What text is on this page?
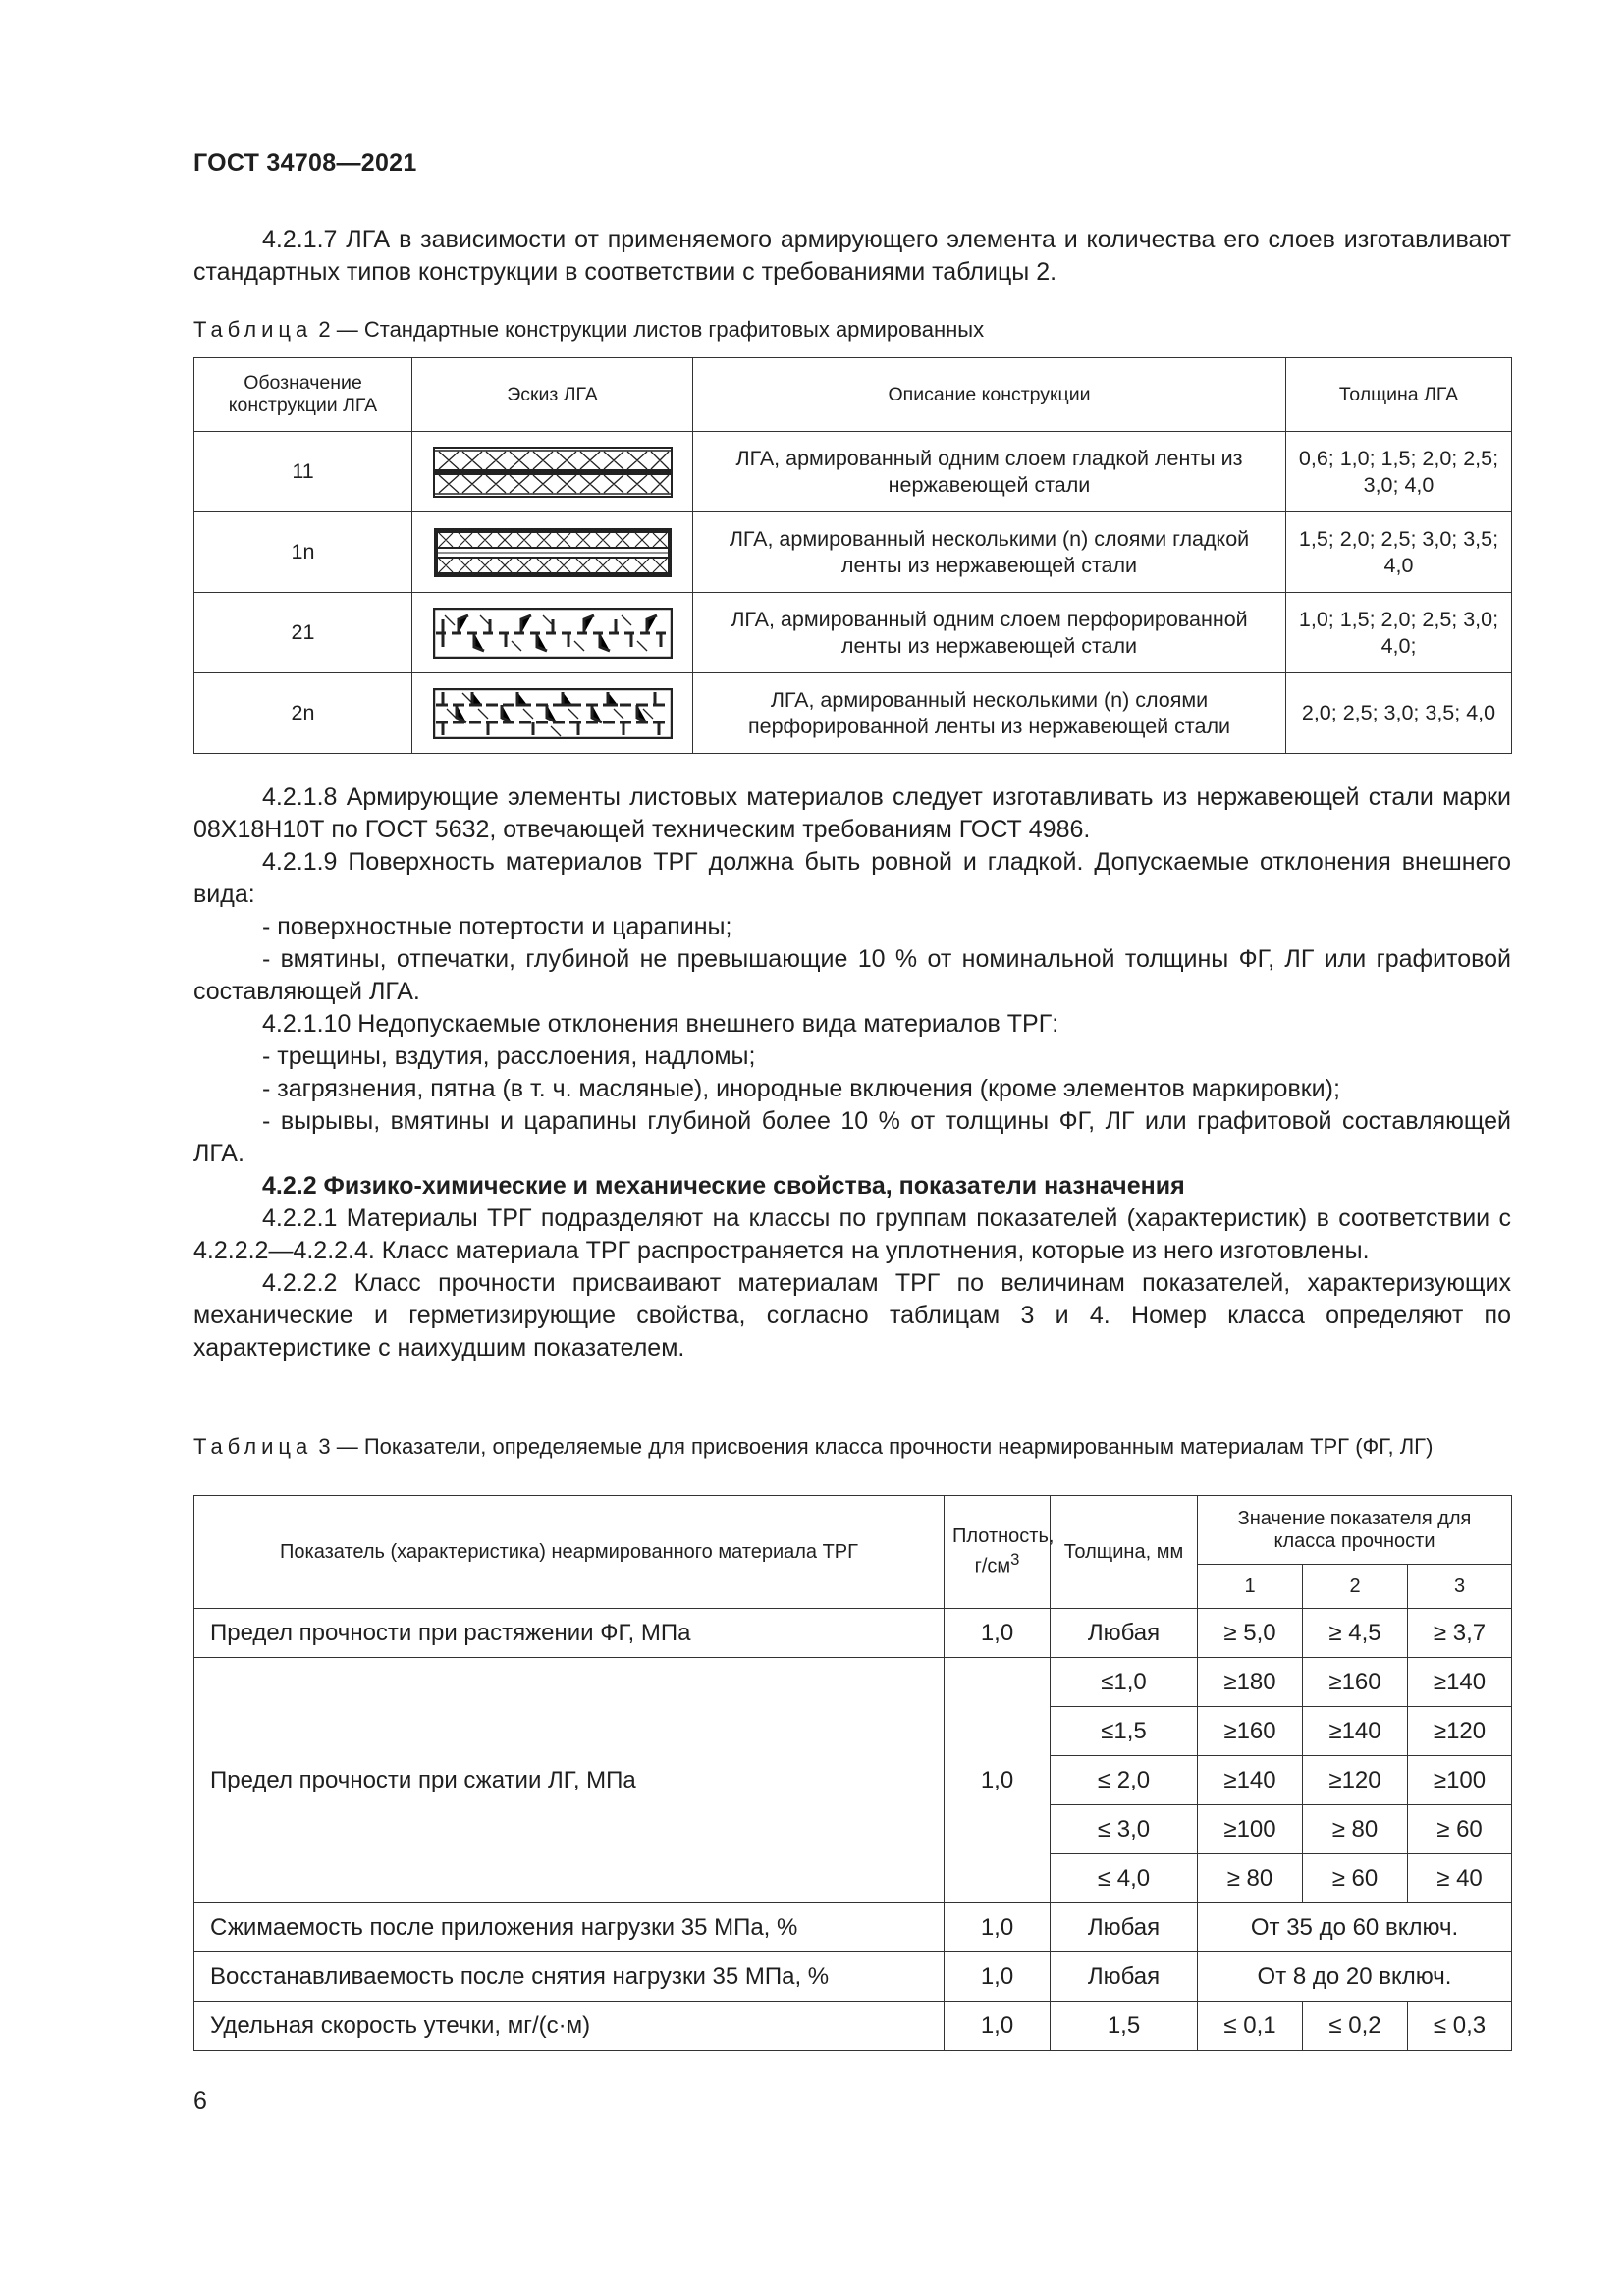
ГОСТ 34708—2021

4.2.1.7 ЛГА в зависимости от применяемого армирующего элемента и количества его слоев изготавливают стандартных типов конструкции в соответствии с требованиями таблицы 2.

Таблица 2 — Стандартные конструкции листов графитовых армированных
Обозначение конструкции ЛГА	Эскиз ЛГА	Описание конструкции	Толщина ЛГА
11		ЛГА, армированный одним слоем гладкой ленты из нержавеющей стали	0,6; 1,0; 1,5; 2,0; 2,5; 3,0; 4,0
1n		ЛГА, армированный несколькими (n) слоями гладкой ленты из нержавеющей стали	1,5; 2,0; 2,5; 3,0; 3,5; 4,0
21		ЛГА, армированный одним слоем перфорированной ленты из нержавеющей стали	1,0; 1,5; 2,0; 2,5; 3,0; 4,0;
2n		ЛГА, армированный несколькими (n) слоями перфорированной ленты из нержавеющей стали	2,0; 2,5; 3,0; 3,5; 4,0

4.2.1.8 Армирующие элементы листовых материалов следует изготавливать из нержавеющей стали марки 08Х18Н10Т по ГОСТ 5632, отвечающей техническим требованиям ГОСТ 4986.

4.2.1.9 Поверхность материалов ТРГ должна быть ровной и гладкой. Допускаемые отклонения внешнего вида:

- поверхностные потертости и царапины;

- вмятины, отпечатки, глубиной не превышающие 10 % от номинальной толщины ФГ, ЛГ или графитовой составляющей ЛГА.

4.2.1.10 Недопускаемые отклонения внешнего вида материалов ТРГ:

- трещины, вздутия, расслоения, надломы;

- загрязнения, пятна (в т. ч. масляные), инородные включения (кроме элементов маркировки);

- вырывы, вмятины и царапины глубиной более 10 % от толщины ФГ, ЛГ или графитовой составляющей ЛГА.

4.2.2 Физико-химические и механические свойства, показатели назначения

4.2.2.1 Материалы ТРГ подразделяют на классы по группам показателей (характеристик) в соответствии с 4.2.2.2—4.2.2.4. Класс материала ТРГ распространяется на уплотнения, которые из него изготовлены.

4.2.2.2 Класс прочности присваивают материалам ТРГ по величинам показателей, характеризующих механические и герметизирующие свойства, согласно таблицам 3 и 4. Номер класса определяют по характеристике с наихудшим показателем.

Таблица 3 — Показатели, определяемые для присвоения класса прочности неармированным материалам ТРГ (ФГ, ЛГ)
Показатель (характеристика) неармированного материала ТРГ	Плотность, $г/см^3$	Толщина, мм	Значение показателя для класса прочности		
			1	2	3
Предел прочности при растяжении ФГ, МПа	1,0	Любая	≥ 5,0	≥ 4,5	≥ 3,7
Предел прочности при сжатии ЛГ, МПа	1,0	≤1,0	≥180	≥160	≥140
		≤1,5	≥160	≥140	≥120
		≤ 2,0	≥140	≥120	≥100
		≤ 3,0	≥100	≥ 80	≥ 60
		≤ 4,0	≥ 80	≥ 60	≥ 40
Сжимаемость после приложения нагрузки 35 МПа, %	1,0	Любая	От 35 до 60 включ.		
Восстанавливаемость после снятия нагрузки 35 МПа, %	1,0	Любая	От 8 до 20 включ.		
Удельная скорость утечки, мг/(с·м)	1,0	1,5	≤ 0,1	≤ 0,2	≤ 0,3
6
